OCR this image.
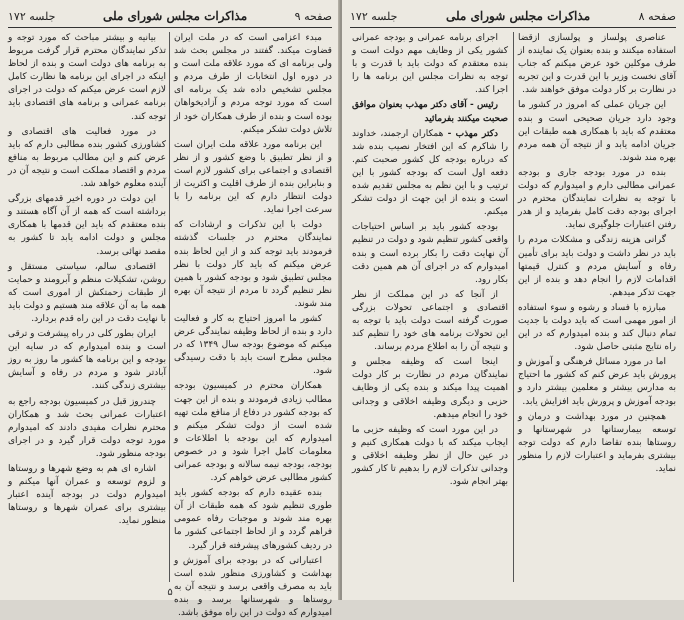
صفحه ۹
مذاکرات مجلس شورای ملی
جلسه ۱۷۲

مبدء اعزامی است که در ملت ایران قضاوت میکند. گفتند در مجلس بحث شد ولی برنامه ای که مورد علاقه ملت است و در دوره اول انتخابات از طرف مردم و مجلس تشخیص داده شد یک برنامه ای است که مورد توجه مردم و آزادیخواهان بوده است و بنده از طرف همکاران خود از تلاش دولت تشکر میکنم.

این برنامه مورد علاقه ملت ایران است و از نظر تطبیق با وضع کشور و از نظر اقتصادی و اجتماعی برای کشور لازم است و بنابراین بنده از طرف اقلیت و اکثریت از دولت انتظار دارم که این برنامه را با سرعت اجرا نماید.

دولت با این تذکرات و ارشادات که نمایندگان محترم در جلسات گذشته فرمودند باید توجه کند و از این لحاظ بنده عرض میکنم که باید کار دولت با نظر مجلس تطبیق شود و بودجه کشور با همین نظر تنظیم گردد تا مردم از نتیجه آن بهره مند شوند.

کشور ما امروز احتیاج به کار و فعالیت دارد و بنده از لحاظ وظیفه نمایندگی عرض میکنم که موضوع بودجه سال ۱۳۴۹ که در مجلس مطرح است باید با دقت رسیدگی شود.

همکاران محترم در کمیسیون بودجه مطالب زیادی فرمودند و بنده از این جهت که بودجه کشور در دفاع از منافع ملت تهیه شده است از دولت تشکر میکنم و امیدوارم که این بودجه با اطلاعات و معلومات کامل اجرا شود و در خصوص بودجه، بودجه نیمه سالانه و بودجه عمرانی کشور مطالبی عرض خواهم کرد.

بنده عقیده دارم که بودجه کشور باید طوری تنظیم شود که همه طبقات از آن بهره مند شوند و موجبات رفاه عمومی فراهم گردد و از لحاظ اجتماعی کشور ما در ردیف کشورهای پیشرفته قرار گیرد.

اعتباراتی که در بودجه برای آموزش و بهداشت و کشاورزی منظور شده است باید به مصرف واقعی برسد و نتیجه آن به روستاها و شهرستانها برسد و بنده امیدوارم که دولت در این راه موفق باشد.

بیانیه و بیشتر مباحث که مورد توجه و تذکر نمایندگان محترم قرار گرفت مربوط به برنامه های دولت است و بنده از لحاظ اینکه در اجرای این برنامه ها نظارت کامل لازم است عرض میکنم که دولت در اجرای برنامه عمرانی و برنامه های اقتصادی باید توجه کند.

در مورد فعالیت های اقتصادی و کشاورزی کشور بنده مطالبی دارم که باید عرض کنم و این مطالب مربوط به منافع مردم و اقتصاد مملکت است و نتیجه آن در آینده معلوم خواهد شد.

این دولت در دوره اخیر قدمهای بزرگی برداشته است که همه از آن آگاه هستند و بنده معتقدم که باید این قدمها با همکاری مجلس و دولت ادامه یابد تا کشور به مقصد نهائی برسد.

اقتصادی سالم، سیاستی مستقل و روشن، تشکیلات منظم و آبرومند و حمایت از طبقات زحمتکش از اموری است که همه ما به آن علاقه مند هستیم و دولت باید با نهایت دقت در این راه قدم بردارد.

ایران بطور کلی در راه پیشرفت و ترقی است و بنده امیدوارم که در سایه این بودجه و این برنامه ها کشور ما روز به روز آبادتر شود و مردم در رفاه و آسایش بیشتری زندگی کنند.

چندروز قبل در کمیسیون بودجه راجع به اعتبارات عمرانی بحث شد و همکاران محترم نظرات مفیدی دادند که امیدوارم مورد توجه دولت قرار گیرد و در اجرای بودجه منظور شود.

اشاره ای هم به وضع شهرها و روستاها و لزوم توسعه و عمران آنها میکنم و امیدوارم دولت در بودجه آینده اعتبار بیشتری برای عمران شهرها و روستاها منظور نماید.

۵
صفحه ۸
مذاکرات مجلس شورای ملی
جلسه ۱۷۲

عناصری پولساز و پولسازی ازقضا استفاده میکنند و بنده بعنوان یک نماینده از طرف موکلین خود عرض میکنم که جناب آقای نخست وزیر با این قدرت و این تجربه در نظارت بر کار دولت موفق خواهند شد.

این جریان عملی که امروز در کشور ما وجود دارد جریان صحیحی است و بنده معتقدم که باید با همکاری همه طبقات این جریان ادامه یابد و از نتیجه آن همه مردم بهره مند شوند.

بنده در مورد بودجه جاری و بودجه عمرانی مطالبی دارم و امیدوارم که دولت با توجه به نظرات نمایندگان محترم در اجرای بودجه دقت کامل بفرماید و از هدر رفتن اعتبارات جلوگیری نماید.

گرانی هزینه زندگی و مشکلات مردم را باید در نظر داشت و دولت باید برای تأمین رفاه و آسایش مردم و کنترل قیمتها اقدامات لازم را انجام دهد و بنده از این جهت تذکر میدهم.

مبارزه با فساد و رشوه و سوء استفاده از امور مهمی است که باید دولت با جدیت تمام دنبال کند و بنده امیدوارم که در این راه نتایج مثبتی حاصل شود.

اما در مورد مسائل فرهنگی و آموزش و پرورش باید عرض کنم که کشور ما احتیاج به مدارس بیشتر و معلمین بیشتر دارد و بودجه آموزش و پرورش باید افزایش یابد.

همچنین در مورد بهداشت و درمان و توسعه بیمارستانها در شهرستانها و روستاها بنده تقاضا دارم که دولت توجه بیشتری بفرماید و اعتبارات لازم را منظور نماید.

اجرای برنامه عمرانی و بودجه عمرانی کشور یکی از وظایف مهم دولت است و بنده معتقدم که دولت باید با قدرت و با توجه به نظرات مجلس این برنامه ها را اجرا کند.

رئیس - آقای دکتر مهذب بعنوان موافق صحبت میکنند بفرمائید

دکتر مهذب - همکاران ارجمند، خداوند را شاکرم که این افتخار نصیب بنده شد که درباره بودجه کل کشور صحبت کنم. دفعه اول است که بودجه کشور با این ترتیب و با این نظم به مجلس تقدیم شده است و بنده از این جهت از دولت تشکر میکنم.

بودجه کشور باید بر اساس احتیاجات واقعی کشور تنظیم شود و دولت در تنظیم آن نهایت دقت را بکار برده است و بنده امیدوارم که در اجرای آن هم همین دقت بکار رود.

از آنجا که در این مملکت از نظر اقتصادی و اجتماعی تحولات بزرگی صورت گرفته است دولت باید با توجه به این تحولات برنامه های خود را تنظیم کند و نتیجه آن را به اطلاع مردم برساند.

اینجا است که وظیفه مجلس و نمایندگان مردم در نظارت بر کار دولت اهمیت پیدا میکند و بنده یکی از وظایف حزبی و دیگری وظیفه اخلاقی و وجدانی خود را انجام میدهم.

در این مورد است که وظیفه حزبی ما ایجاب میکند که با دولت همکاری کنیم و در عین حال از نظر وظیفه اخلاقی و وجدانی تذکرات لازم را بدهیم تا کار کشور بهتر انجام شود.
